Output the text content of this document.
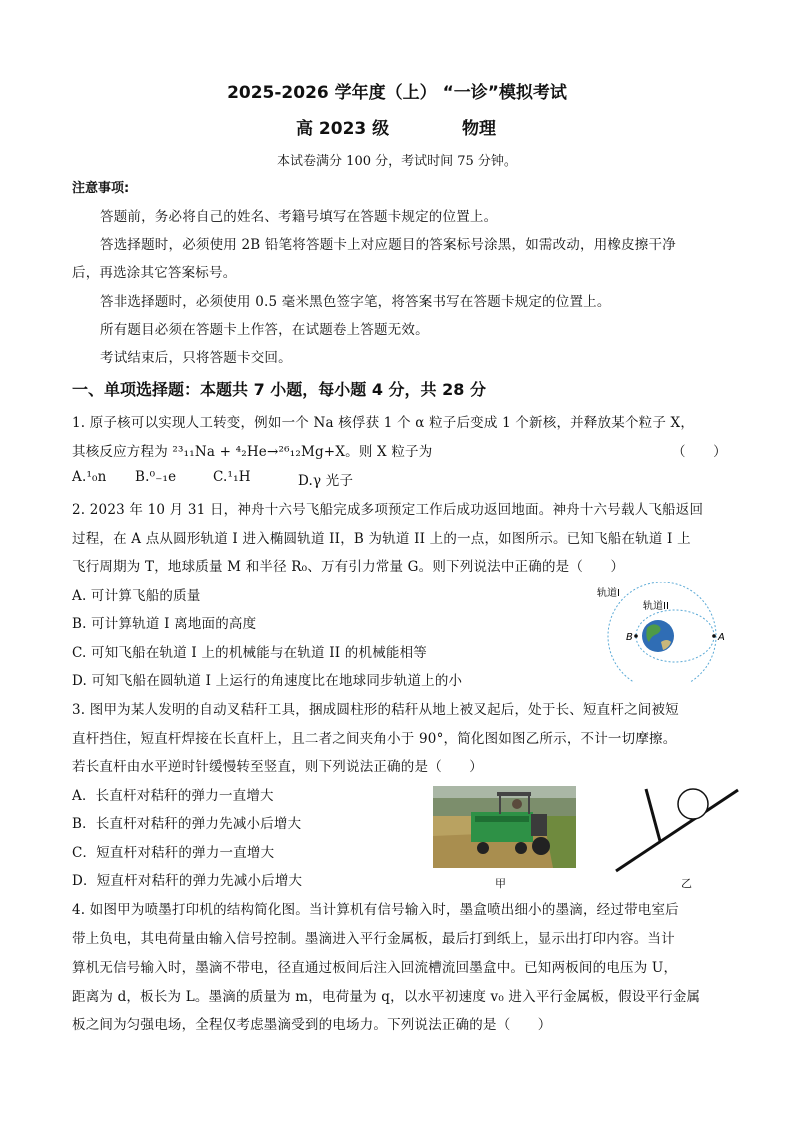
2025-2026 学年度（上） “一诊”模拟考试
高 2023 级	物理
本试卷满分 100 分，考试时间 75 分钟。
注意事项:
答题前，务必将自己的姓名、考籍号填写在答题卡规定的位置上。
答选择题时，必须使用 2B 铅笔将答题卡上对应题目的答案标号涂黑，如需改动，用橡皮擦干净
后，再选涂其它答案标号。
答非选择题时，必须使用 0.5 毫米黑色签字笔，将答案书写在答题卡规定的位置上。
所有题目必须在答题卡上作答，在试题卷上答题无效。
考试结束后，只将答题卡交回。
一、单项选择题：本题共 7 小题，每小题 4 分，共 28 分
1. 原子核可以实现人工转变，例如一个 Na 核俘获 1 个 α 粒子后变成 1 个新核，并释放某个粒子 X，
其核反应方程为 ²³₁₁Na + ⁴₂He→²⁶₁₂Mg+X。则 X 粒子为	（　　）
A.¹₀n B.⁰₋₁e	C.¹₁H	D.γ 光子
2. 2023 年 10 月 31 日，神舟十六号飞船完成多项预定工作后成功返回地面。神舟十六号载人飞船返回
过程，在 A 点从圆形轨道 I 进入椭圆轨道 II，B 为轨道 II 上的一点，如图所示。已知飞船在轨道 I 上
飞行周期为 T，地球质量 M 和半径 R₀、万有引力常量 G。则下列说法中正确的是（　　）
A. 可计算飞船的质量
B. 可计算轨道 I 离地面的高度
C. 可知飞船在轨道 I 上的机械能与在轨道 II 的机械能相等
D. 可知飞船在圆轨道 I 上运行的角速度比在地球同步轨道上的小
轨道I
轨道II
B	A
3. 图甲为某人发明的自动叉秸秆工具，捆成圆柱形的秸秆从地上被叉起后，处于长、短直杆之间被短
直杆挡住，短直杆焊接在长直杆上，且二者之间夹角小于 90°，简化图如图乙所示，不计一切摩擦。
若长直杆由水平逆时针缓慢转至竖直，则下列说法正确的是（　　）
A．长直杆对秸秆的弹力一直增大
B．长直杆对秸秆的弹力先减小后增大
C．短直杆对秸秆的弹力一直增大
D．短直杆对秸秆的弹力先减小后增大	甲	乙
4. 如图甲为喷墨打印机的结构简化图。当计算机有信号输入时，墨盒喷出细小的墨滴，经过带电室后
带上负电，其电荷量由输入信号控制。墨滴进入平行金属板，最后打到纸上，显示出打印内容。当计
算机无信号输入时，墨滴不带电，径直通过板间后注入回流槽流回墨盒中。已知两板间的电压为 U，
距离为 d，板长为 L。墨滴的质量为 m，电荷量为 q，以水平初速度 v₀ 进入平行金属板，假设平行金属
板之间为匀强电场，全程仅考虑墨滴受到的电场力。下列说法正确的是（　　）
